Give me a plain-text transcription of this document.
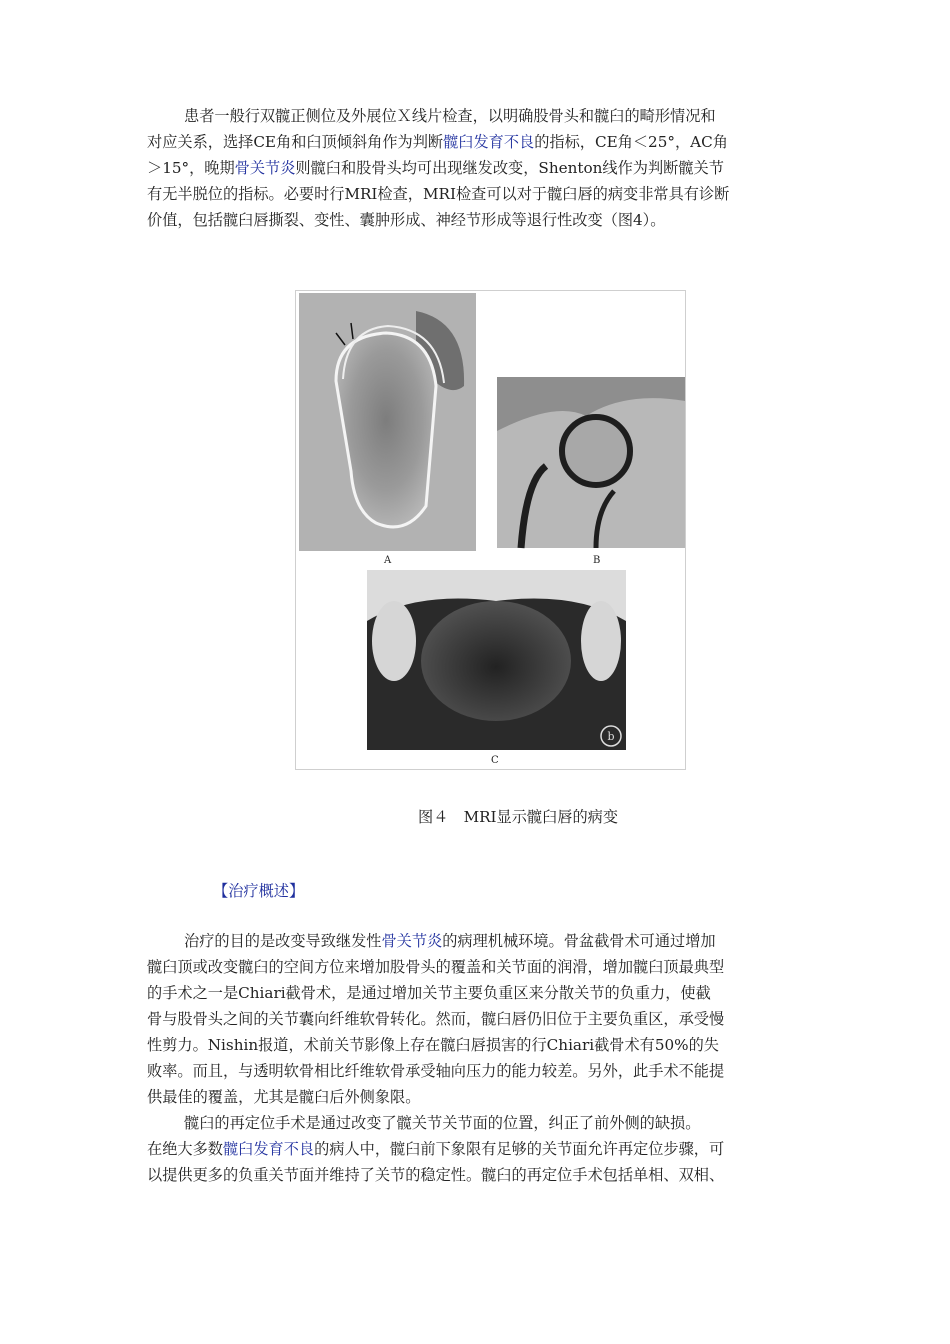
患者一般行双髋正侧位及外展位Ｘ线片检查，以明确股骨头和髋臼的畸形情况和
对应关系，选择CE角和臼顶倾斜角作为判断髋臼发育不良的指标，CE角＜25°，AC角
＞15°，晚期骨关节炎则髋臼和股骨头均可出现继发改变，Shenton线作为判断髋关节
有无半脱位的指标。必要时行MRI检查，MRI检查可以对于髋臼唇的病变非常具有诊断
价值，包括髋臼唇撕裂、变性、囊肿形成、神经节形成等退行性改变（图4）。

A	B
b
C
图４　MRI显示髋臼唇的病变
【治疗概述】

治疗的目的是改变导致继发性骨关节炎的病理机械环境。骨盆截骨术可通过增加
髋臼顶或改变髋臼的空间方位来增加股骨头的覆盖和关节面的润滑，增加髋臼顶最典型
的手术之一是Chiari截骨术，是通过增加关节主要负重区来分散关节的负重力，使截
骨与股骨头之间的关节囊向纤维软骨转化。然而，髋臼唇仍旧位于主要负重区，承受慢
性剪力。Nishin报道，术前关节影像上存在髋臼唇损害的行Chiari截骨术有50%的失
败率。而且，与透明软骨相比纤维软骨承受轴向压力的能力较差。另外，此手术不能提
供最佳的覆盖，尤其是髋臼后外侧象限。
髋臼的再定位手术是通过改变了髋关节关节面的位置，纠正了前外侧的缺损。
在绝大多数髋臼发育不良的病人中，髋臼前下象限有足够的关节面允许再定位步骤，可
以提供更多的负重关节面并维持了关节的稳定性。髋臼的再定位手术包括单相、双相、
